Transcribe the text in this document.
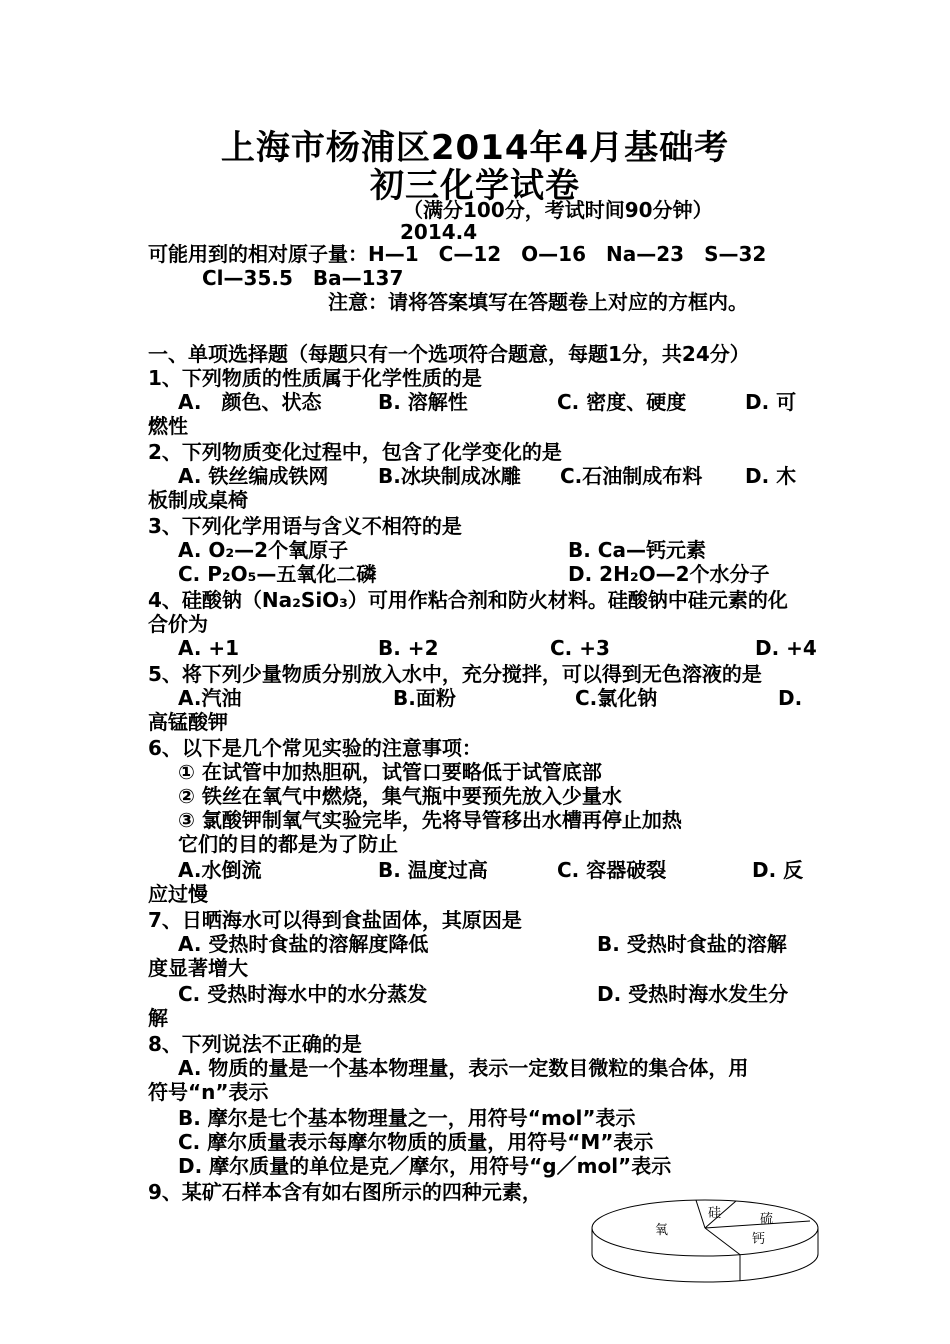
上海市杨浦区2014年4月基础考
初三化学试卷
（满分100分，考试时间90分钟）
2014.4
可能用到的相对原子量：H—1　C—12　O—16　Na—23　S—32
Cl—35.5　Ba—137
注意：请将答案填写在答题卷上对应的方框内。
一、单项选择题（每题只有一个选项符合题意，每题1分，共24分）
1、下列物质的性质属于化学性质的是
A.　颜色、状态	B. 溶解性	C. 密度、硬度	D. 可
燃性
2、下列物质变化过程中，包含了化学变化的是
A. 铁丝编成铁网 B.冰块制成冰雕 C.石油制成布料 D. 木
板制成桌椅
3、下列化学用语与含义不相符的是
A. O₂—2个氧原子	B. Ca—钙元素
C. P₂O₅—五氧化二磷	D. 2H₂O—2个水分子
4、硅酸钠（Na₂SiO₃）可用作粘合剂和防火材料。硅酸钠中硅元素的化
合价为
A. +1	B. +2	C. +3	D. +4
5、将下列少量物质分别放入水中，充分搅拌，可以得到无色溶液的是
A.汽油	B.面粉	C.氯化钠	D.
高锰酸钾
6、以下是几个常见实验的注意事项：
① 在试管中加热胆矾，试管口要略低于试管底部
② 铁丝在氧气中燃烧，集气瓶中要预先放入少量水
③ 氯酸钾制氧气实验完毕，先将导管移出水槽再停止加热
它们的目的都是为了防止
A.水倒流	B. 温度过高	C. 容器破裂	D. 反
应过慢
7、日晒海水可以得到食盐固体，其原因是
A. 受热时食盐的溶解度降低	B. 受热时食盐的溶解
度显著增大
C. 受热时海水中的水分蒸发	D. 受热时海水发生分
解
8、下列说法不正确的是
A. 物质的量是一个基本物理量，表示一定数目微粒的集合体，用
符号“n”表示
B. 摩尔是七个基本物理量之一，用符号“mol”表示
C. 摩尔质量表示每摩尔物质的质量，用符号“M”表示
D. 摩尔质量的单位是克／摩尔，用符号“g／mol”表示
9、某矿石样本含有如右图所示的四种元素，
氧
硅	硫
钙
